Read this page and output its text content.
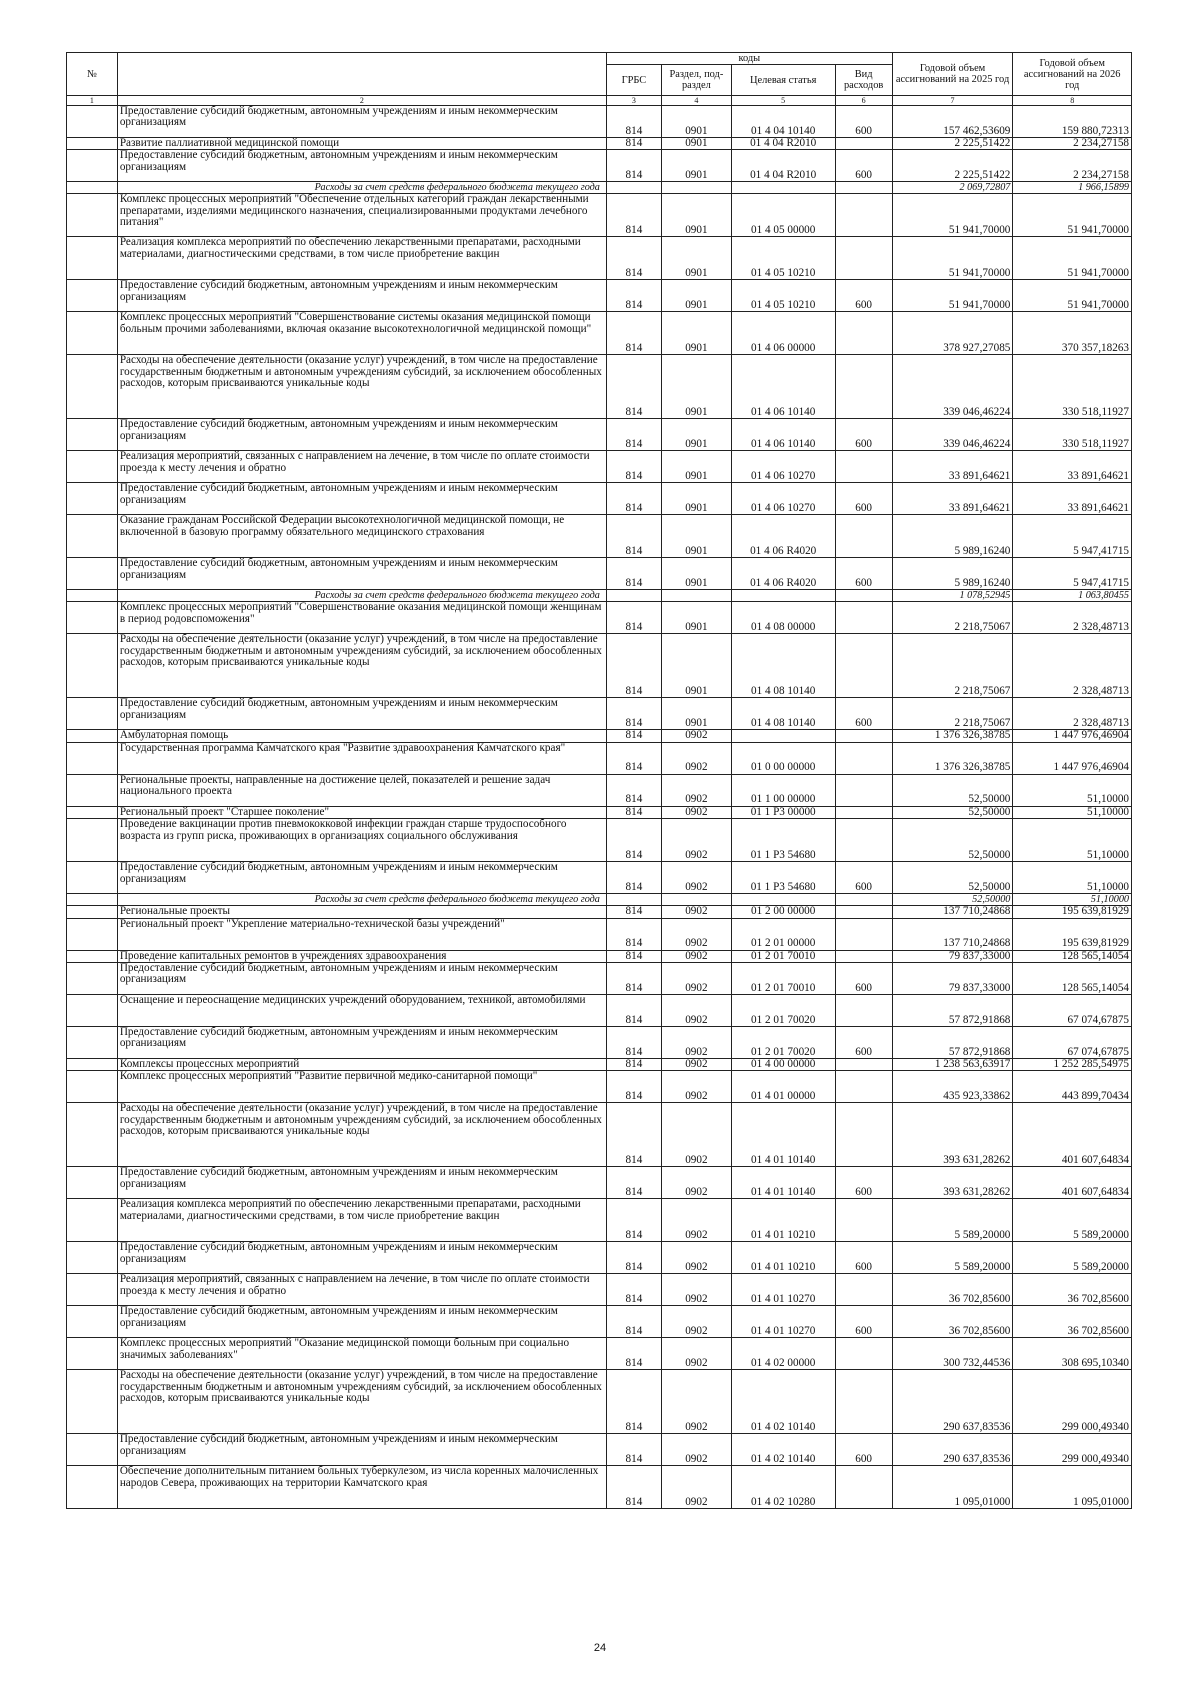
№		коды				Годовой объем ассигнований на 2025 год	Годовой объем ассигнований на 2026 год
		ГРБС	Раздел, под-раздел	Целевая статья	Вид расходов		
1	2	3	4	5	6	7	8
	Предоставление субсидий бюджетным, автономным учреждениям и иным некоммерческим организациям	814	0901	01 4 04 10140	600	157 462,53609	159 880,72313
	Развитие паллиативной медицинской помощи	814	0901	01 4 04 R2010		2 225,51422	2 234,27158
	Предоставление субсидий бюджетным, автономным учреждениям и иным некоммерческим организациям	814	0901	01 4 04 R2010	600	2 225,51422	2 234,27158
	Расходы за счет средств федерального бюджета текущего года					2 069,72807	1 966,15899
	Комплекс процессных мероприятий "Обеспечение отдельных категорий граждан лекарственными препаратами, изделиями медицинского назначения, специализированными продуктами лечебного питания"	814	0901	01 4 05 00000		51 941,70000	51 941,70000
	Реализация комплекса мероприятий по обеспечению лекарственными препаратами, расходными материалами, диагностическими средствами, в том числе приобретение вакцин	814	0901	01 4 05 10210		51 941,70000	51 941,70000
	Предоставление субсидий бюджетным, автономным учреждениям и иным некоммерческим организациям	814	0901	01 4 05 10210	600	51 941,70000	51 941,70000
	Комплекс процессных мероприятий "Совершенствование системы оказания медицинской помощи больным прочими заболеваниями, включая оказание высокотехнологичной медицинской помощи"	814	0901	01 4 06 00000		378 927,27085	370 357,18263
	Расходы на обеспечение деятельности (оказание услуг) учреждений, в том числе на предоставление государственным бюджетным и автономным учреждениям субсидий, за исключением обособленных расходов, которым присваиваются уникальные коды	814	0901	01 4 06 10140		339 046,46224	330 518,11927
	Предоставление субсидий бюджетным, автономным учреждениям и иным некоммерческим организациям	814	0901	01 4 06 10140	600	339 046,46224	330 518,11927
	Реализация мероприятий, связанных с направлением на лечение, в том числе по оплате стоимости проезда к месту лечения и обратно	814	0901	01 4 06 10270		33 891,64621	33 891,64621
	Предоставление субсидий бюджетным, автономным учреждениям и иным некоммерческим организациям	814	0901	01 4 06 10270	600	33 891,64621	33 891,64621
	Оказание гражданам Российской Федерации высокотехнологичной медицинской помощи, не включенной в базовую программу обязательного медицинского страхования	814	0901	01 4 06 R4020		5 989,16240	5 947,41715
	Предоставление субсидий бюджетным, автономным учреждениям и иным некоммерческим организациям	814	0901	01 4 06 R4020	600	5 989,16240	5 947,41715
	Расходы за счет средств федерального бюджета текущего года					1 078,52945	1 063,80455
	Комплекс процессных мероприятий "Совершенствование оказания медицинской помощи женщинам в период родовспоможения"	814	0901	01 4 08 00000		2 218,75067	2 328,48713
	Расходы на обеспечение деятельности (оказание услуг) учреждений, в том числе на предоставление государственным бюджетным и автономным учреждениям субсидий, за исключением обособленных расходов, которым присваиваются уникальные коды	814	0901	01 4 08 10140		2 218,75067	2 328,48713
	Предоставление субсидий бюджетным, автономным учреждениям и иным некоммерческим организациям	814	0901	01 4 08 10140	600	2 218,75067	2 328,48713
	Амбулаторная помощь	814	0902			1 376 326,38785	1 447 976,46904
	Государственная программа Камчатского края "Развитие здравоохранения Камчатского края"	814	0902	01 0 00 00000		1 376 326,38785	1 447 976,46904
	Региональные проекты, направленные на достижение целей, показателей и решение задач национального проекта	814	0902	01 1 00 00000		52,50000	51,10000
	Региональный проект "Старшее поколение"	814	0902	01 1 P3 00000		52,50000	51,10000
	Проведение вакцинации против пневмококковой инфекции граждан старше трудоспособного возраста из групп риска, проживающих в организациях социального обслуживания	814	0902	01 1 P3 54680		52,50000	51,10000
	Предоставление субсидий бюджетным, автономным учреждениям и иным некоммерческим организациям	814	0902	01 1 P3 54680	600	52,50000	51,10000
	Расходы за счет средств федерального бюджета текущего года					52,50000	51,10000
	Региональные проекты	814	0902	01 2 00 00000		137 710,24868	195 639,81929
	Региональный проект "Укрепление материально-технической базы учреждений"	814	0902	01 2 01 00000		137 710,24868	195 639,81929
	Проведение капитальных ремонтов в учреждениях здравоохранения	814	0902	01 2 01 70010		79 837,33000	128 565,14054
	Предоставление субсидий бюджетным, автономным учреждениям и иным некоммерческим организациям	814	0902	01 2 01 70010	600	79 837,33000	128 565,14054
	Оснащение и переоснащение медицинских учреждений оборудованием, техникой, автомобилями	814	0902	01 2 01 70020		57 872,91868	67 074,67875
	Предоставление субсидий бюджетным, автономным учреждениям и иным некоммерческим организациям	814	0902	01 2 01 70020	600	57 872,91868	67 074,67875
	Комплексы процессных мероприятий	814	0902	01 4 00 00000		1 238 563,63917	1 252 285,54975
	Комплекс процессных мероприятий "Развитие первичной медико-санитарной помощи"	814	0902	01 4 01 00000		435 923,33862	443 899,70434
	Расходы на обеспечение деятельности (оказание услуг) учреждений, в том числе на предоставление государственным бюджетным и автономным учреждениям субсидий, за исключением обособленных расходов, которым присваиваются уникальные коды	814	0902	01 4 01 10140		393 631,28262	401 607,64834
	Предоставление субсидий бюджетным, автономным учреждениям и иным некоммерческим организациям	814	0902	01 4 01 10140	600	393 631,28262	401 607,64834
	Реализация комплекса мероприятий по обеспечению лекарственными препаратами, расходными материалами, диагностическими средствами, в том числе приобретение вакцин	814	0902	01 4 01 10210		5 589,20000	5 589,20000
	Предоставление субсидий бюджетным, автономным учреждениям и иным некоммерческим организациям	814	0902	01 4 01 10210	600	5 589,20000	5 589,20000
	Реализация мероприятий, связанных с направлением на лечение, в том числе по оплате стоимости проезда к месту лечения и обратно	814	0902	01 4 01 10270		36 702,85600	36 702,85600
	Предоставление субсидий бюджетным, автономным учреждениям и иным некоммерческим организациям	814	0902	01 4 01 10270	600	36 702,85600	36 702,85600
	Комплекс процессных мероприятий "Оказание медицинской помощи больным при социально значимых заболеваниях"	814	0902	01 4 02 00000		300 732,44536	308 695,10340
	Расходы на обеспечение деятельности (оказание услуг) учреждений, в том числе на предоставление государственным бюджетным и автономным учреждениям субсидий, за исключением обособленных расходов, которым присваиваются уникальные коды	814	0902	01 4 02 10140		290 637,83536	299 000,49340
	Предоставление субсидий бюджетным, автономным учреждениям и иным некоммерческим организациям	814	0902	01 4 02 10140	600	290 637,83536	299 000,49340
	Обеспечение дополнительным питанием больных туберкулезом, из числа коренных малочисленных народов Севера, проживающих на территории Камчатского края	814	0902	01 4 02 10280		1 095,01000	1 095,01000
24
